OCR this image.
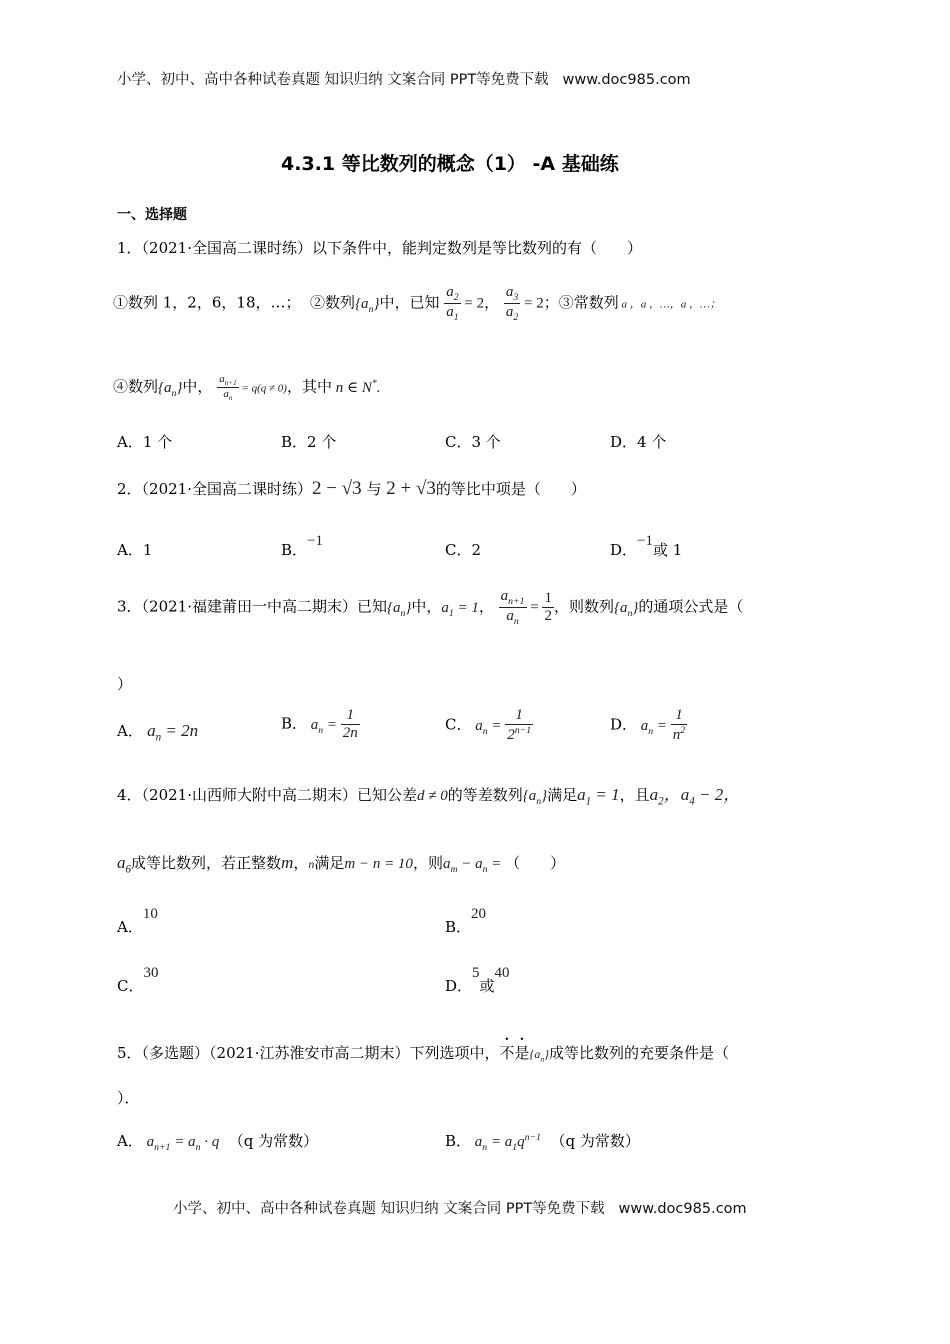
小学、初中、高中各种试卷真题 知识归纳 文案合同 PPT等免费下载 www.doc985.com
4.3.1 等比数列的概念（1） -A 基础练
一、选择题
1．（2021·全国高二课时练）以下条件中，能判定数列是等比数列的有（　　）
①数列 1，2，6，18，…； ②数列$\{a_n\}$中，已知 $\frac{a_2}{a_1} = 2$， $\frac{a_3}{a_2} = 2$；③常数列 a ，a ，…，a ，…；
④数列$\{a_n\}$中， $\frac{a_{n+1}}{a_n} = q(q \ne 0)$，其中 n ∈ N*.
A．1 个	B．2 个	C．3 个	D．4 个
2．（2021·全国高二课时练）2 − √3 与 2 + √3的等比中项是（　　）
A．1	B．−1	C．2	D．−1或 1
3．（2021·福建莆田一中高二期末）已知$\{a_n\}$中，$a_1 = 1$， $\frac{a_{n+1}}{a_n} = \frac{1}{2}$ ，则数列$\{a_n\}$的通项公式是（
）
A． $a_n = 2n$	B． $a_n = \frac{1}{2n}$	C． $a_n = \frac{1}{2^{n-1}}$	D． $a_n = \frac{1}{n^2}$
4．（2021·山西师大附中高二期末）已知公差d ≠ 0的等差数列$\{a_n\}$满足$a_1 = 1$，且$a_2$，$a_4 - 2$，
$a_6$成等比数列，若正整数m，n满足m − n = 10，则$a_m - a_n$ = （　　）
A．10
B．20
C．30
D．5或40
5．（多选题）（2021·江苏淮安市高二期末）下列选项中，不是$\{a_n\}$成等比数列的充要条件是（
）．
A． $a_{n+1} = a_n \cdot q$ （q 为常数）	B． $a_n = a_1q^{n-1}$ （q 为常数）
小学、初中、高中各种试卷真题 知识归纳 文案合同 PPT等免费下载 www.doc985.com
